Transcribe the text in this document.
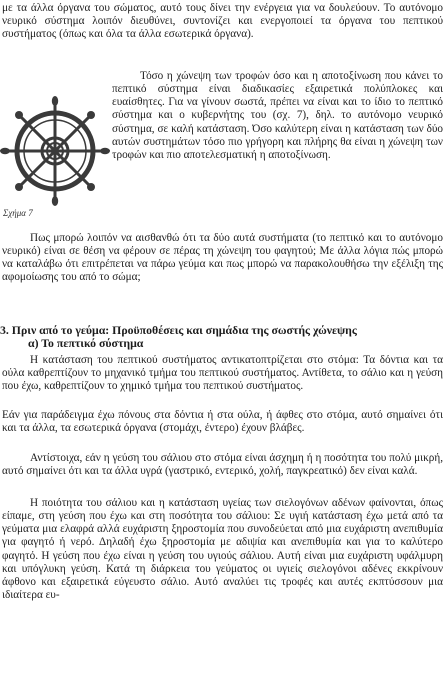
με τα άλλα όργανα του σώματος, αυτό τους δίνει την ενέργεια για να δουλεύουν. Το αυτόνομο νευρικό σύστημα λοιπόν διευθύνει, συντονίζει και ενεργοποιεί τα όργανα του πεπτικού συστήματος (όπως και όλα τα άλλα εσωτερικά όργανα).

Σχήμα 7

Τόσο η χώνεψη των τροφών όσο και η αποτοξίνωση που κάνει το πεπτικό σύστημα είναι διαδικασίες εξαιρετικά πολύπλοκες και ευαίσθητες. Για να γίνουν σωστά, πρέπει να είναι και το ίδιο το πεπτικό σύστημα και ο κυβερνήτης του (σχ. 7), δηλ. το αυτόνομο νευρικό σύστημα, σε καλή κατάσταση. Όσο καλύτερη είναι η κατάσταση των δύο αυτών συστημάτων τόσο πιο γρήγορη και πλήρης θα είναι η χώνεψη των τροφών και πιο αποτελεσματική η αποτοξίνωση.

Πως μπορώ λοιπόν να αισθανθώ ότι τα δύο αυτά συστήματα (το πεπτικό και το αυτόνομο νευρικό) είναι σε θέση να φέρουν σε πέρας τη χώνεψη του φαγητού; Με άλλα λόγια πώς μπορώ να καταλάβω ότι επιτρέπεται να πάρω γεύμα και πως μπορώ να παρακολουθήσω την εξέλιξη της αφομοίωσης του από το σώμα;

3. Πριν από το γεύμα: Προϋποθέσεις και σημάδια της σωστής χώνεψης
α) Το πεπτικό σύστημα

Η κατάσταση του πεπτικού συστήματος αντικατοπτρίζεται στο στόμα: Τα δόντια και τα ούλα καθρεπτίζουν το μηχανικό τμήμα του πεπτικού συστήματος. Αντίθετα, το σάλιο και η γεύση που έχω, καθρεπτίζουν το χημικό τμήμα του πεπτικού συστήματος.

Εάν για παράδειγμα έχω πόνους στα δόντια ή στα ούλα, ή άφθες στο στόμα, αυτό σημαίνει ότι και τα άλλα, τα εσωτερικά όργανα (στομάχι, έντερο) έχουν βλάβες.

Αντίστοιχα, εάν η γεύση του σάλιου στο στόμα είναι άσχημη ή η ποσότητα του πολύ μικρή, αυτό σημαίνει ότι και τα άλλα υγρά (γαστρικό, εντερικό, χολή, παγκρεατικό) δεν είναι καλά.

Η ποιότητα του σάλιου και η κατάσταση υγείας των σιελογόνων αδένων φαίνονται, όπως είπαμε, στη γεύση που έχω και στη ποσότητα του σάλιου: Σε υγιή κατάσταση έχω μετά από τα γεύματα μια ελαφρά αλλά ευχάριστη ξηροστομία που συνοδεύεται από μια ευχάριστη ανεπιθυμία για φαγητό ή νερό. Δηλαδή έχω ξηροστομία με αδιψία και ανεπιθυμία και για το καλύτερο φαγητό. Η γεύση που έχω είναι η γεύση του υγιούς σάλιου. Αυτή είναι μια ευχάριστη υφάλμυρη και υπόγλυκη γεύση. Κατά τη διάρκεια του γεύματος οι υγιείς σιελογόνοι αδένες εκκρίνουν άφθονο και εξαιρετικά εύγευστο σάλιο. Αυτό αναλύει τις τροφές και αυτές εκπτύσσουν μια ιδιαίτερα ευ-
